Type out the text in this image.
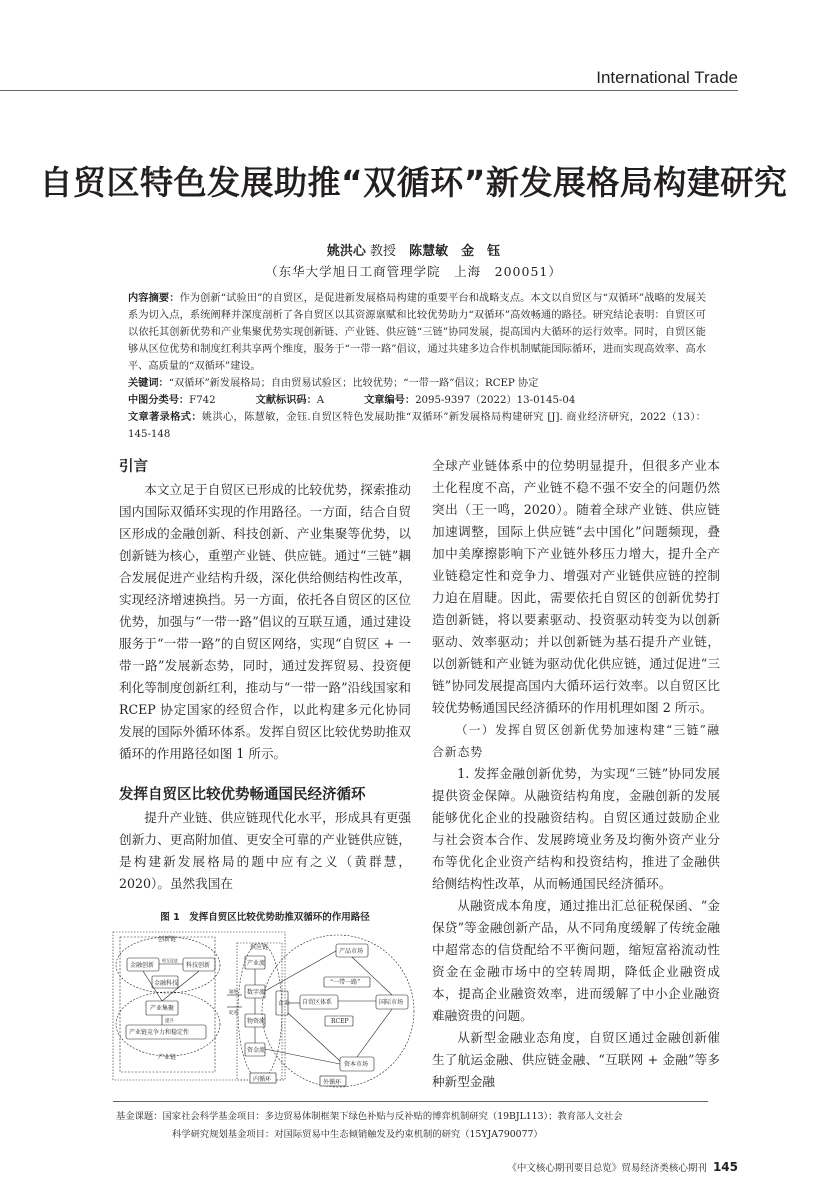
International Trade
自贸区特色发展助推“双循环”新发展格局构建研究
姚洪心 教授　 陈慧敏　 金　钰
（东华大学旭日工商管理学院　上海　200051）
内容摘要：作为创新“试验田”的自贸区，是促进新发展格局构建的重要平台和战略支点。本文以自贸区与“双循环”战略的发展关系为切入点，系统阐释并深度剖析了各自贸区以其资源禀赋和比较优势助力“双循环”高效畅通的路径。研究结论表明：自贸区可以依托其创新优势和产业集聚优势实现创新链、产业链、供应链“三链”协同发展，提高国内大循环的运行效率。同时，自贸区能够从区位优势和制度红利共享两个维度，服务于“一带一路”倡议，通过共建多边合作机制赋能国际循环，进而实现高效率、高水平、高质量的“双循环”建设。
关键词：“双循环”新发展格局；自由贸易试验区；比较优势；“一带一路”倡议；RCEP 协定
中图分类号：F742	文献标识码：A	文章编号：2095-9397（2022）13-0145-04
文章著录格式：姚洪心，陈慧敏，金钰.自贸区特色发展助推“双循环”新发展格局构建研究 [J]. 商业经济研究，2022（13）：145-148
引言

本文立足于自贸区已形成的比较优势，探索推动国内国际双循环实现的作用路径。一方面，结合自贸区形成的金融创新、科技创新、产业集聚等优势，以创新链为核心，重塑产业链、供应链。通过“三链”耦合发展促进产业结构升级，深化供给侧结构性改革，实现经济增速换挡。另一方面，依托各自贸区的区位优势，加强与“一带一路”倡议的互联互通，通过建设服务于“一带一路”的自贸区网络，实现“自贸区 + 一带一路”发展新态势，同时，通过发挥贸易、投资便利化等制度创新红利，推动与“一带一路”沿线国家和 RCEP 协定国家的经贸合作，以此构建多元化协同发展的国际外循环体系。发挥自贸区比较优势助推双循环的作用路径如图 1 所示。

发挥自贸区比较优势畅通国民经济循环

提升产业链、供应链现代化水平，形成具有更强创新力、更高附加值、更安全可靠的产业链供应链，是构建新发展格局的题中应有之义（黄群慧，2020）。虽然我国在

图 1　发挥自贸区比较优势助推双循环的作用路径
创新链
金融创新	科技创新
相互促进
金融科技
产业集聚
提升
产业链竞争力和稳定性
产业链
内循环
供应链
产业流
数字流
物资流
资金流
辐射
促进
企业 自贸区体系
“一带一路”
RCEP
产品市场
国际市场
资本市场
外循环

全球产业链体系中的位势明显提升，但很多产业本土化程度不高，产业链不稳不强不安全的问题仍然突出（王一鸣，2020）。随着全球产业链、供应链加速调整，国际上供应链“去中国化”问题频现，叠加中美摩擦影响下产业链外移压力增大，提升全产业链稳定性和竞争力、增强对产业链供应链的控制力迫在眉睫。因此，需要依托自贸区的创新优势打造创新链，将以要素驱动、投资驱动转变为以创新驱动、效率驱动；并以创新链为基石提升产业链，以创新链和产业链为驱动优化供应链，通过促进“三链”协同发展提高国内大循环运行效率。以自贸区比较优势畅通国民经济循环的作用机理如图 2 所示。

（一）发挥自贸区创新优势加速构建“三链”融合新态势

1. 发挥金融创新优势，为实现“三链”协同发展提供资金保障。从融资结构角度，金融创新的发展能够优化企业的投融资结构。自贸区通过鼓励企业与社会资本合作、发展跨境业务及均衡外资产业分布等优化企业资产结构和投资结构，推进了金融供给侧结构性改革，从而畅通国民经济循环。

从融资成本角度，通过推出汇总征税保函、“金保贷”等金融创新产品，从不同角度缓解了传统金融中超常态的信贷配给不平衡问题，缩短富裕流动性资金在金融市场中的空转周期，降低企业融资成本，提高企业融资效率，进而缓解了中小企业融资难融资贵的问题。

从新型金融业态角度，自贸区通过金融创新催生了航运金融、供应链金融、“互联网 + 金融”等多种新型金融

基金课题：国家社会科学基金项目：多边贸易体制框架下绿色补贴与反补贴的博弈机制研究（19BJL113）；教育部人文社会
科学研究规划基金项目：对国际贸易中生态倾销触发及约束机制的研究（15YJA790077）
《中文核心期刊要目总览》贸易经济类核心期刊 145
